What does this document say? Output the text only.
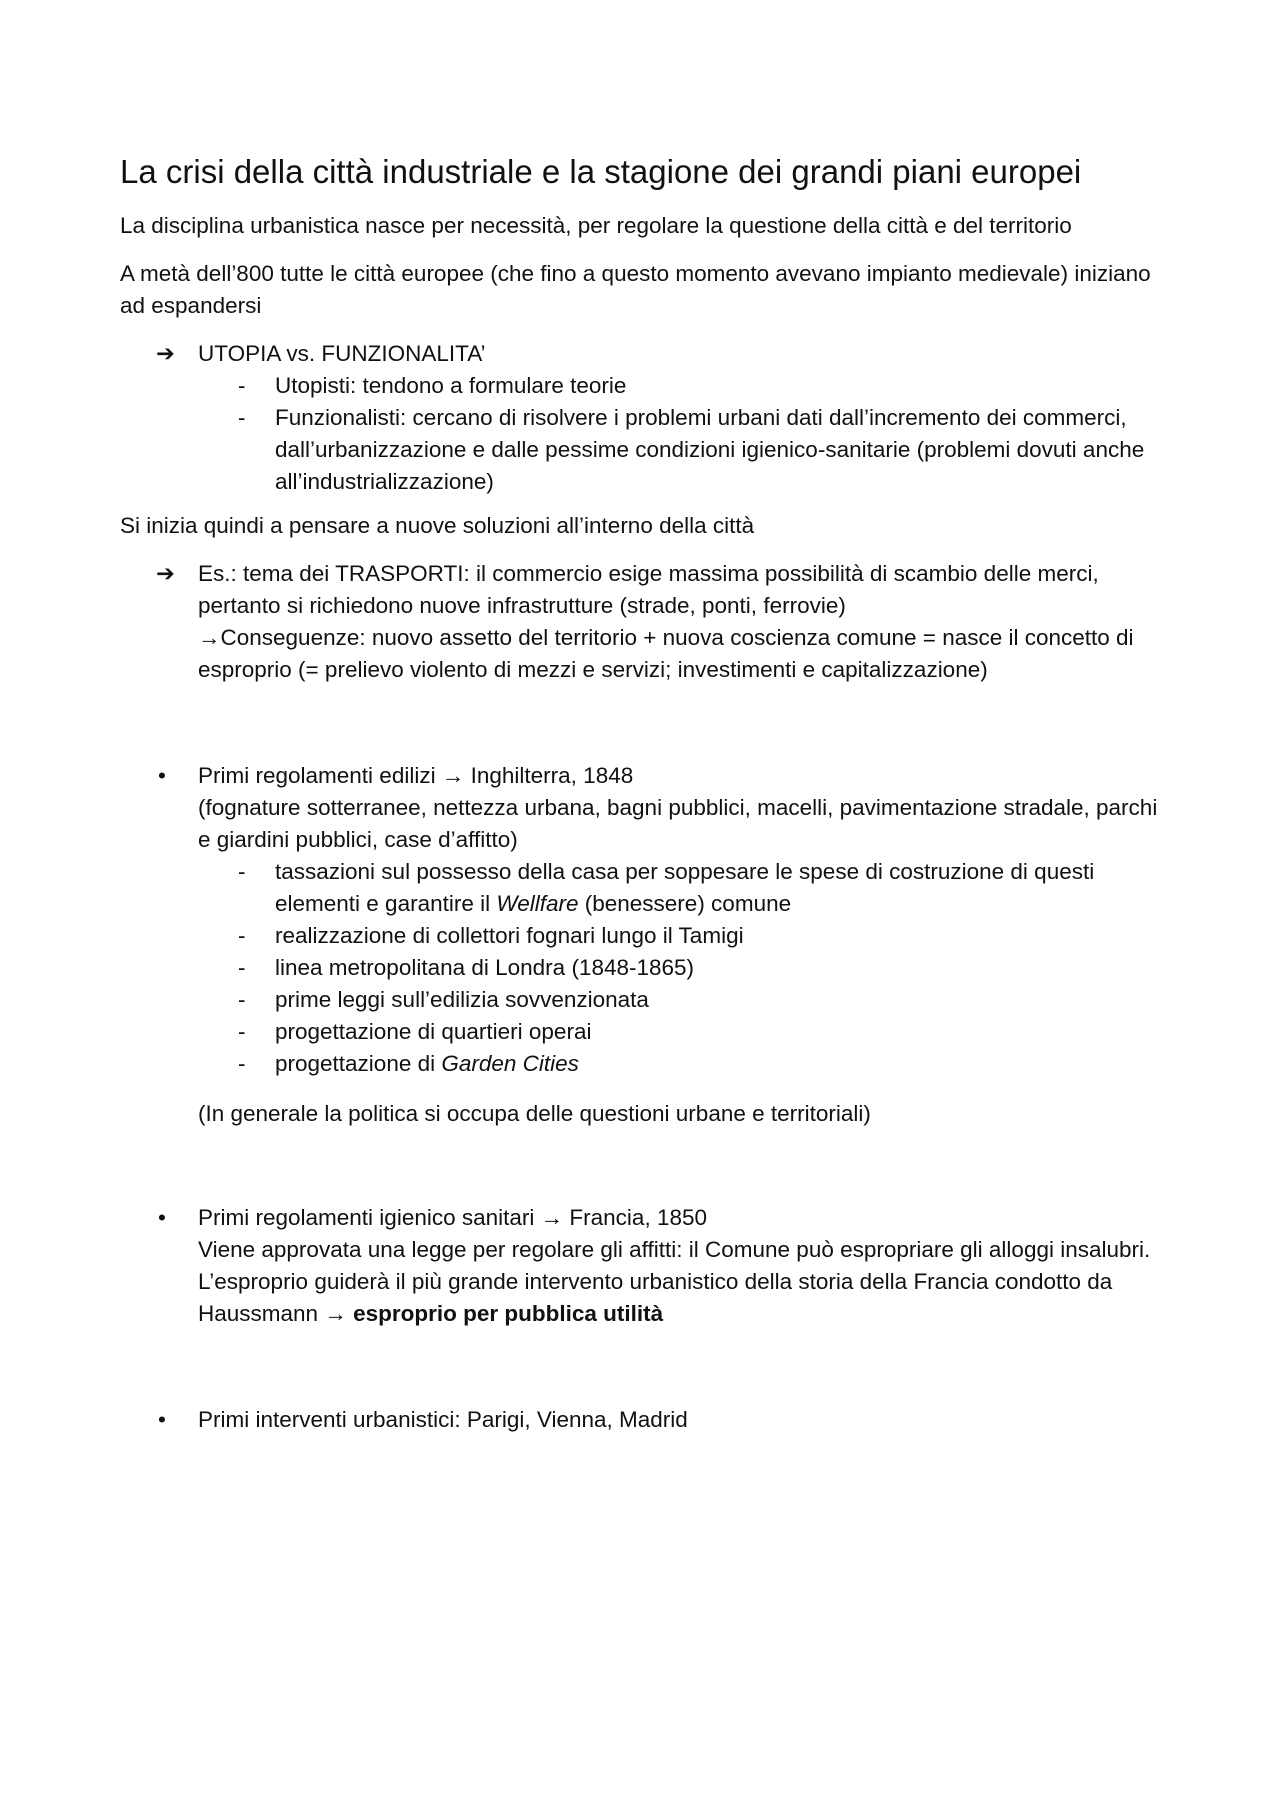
La crisi della città industriale e la stagione dei grandi piani europei

La disciplina urbanistica nasce per necessità, per regolare la questione della città e del territorio

A metà dell’800 tutte le città europee (che fino a questo momento avevano impianto medievale) iniziano ad espandersi

➔ UTOPIA vs. FUNZIONALITA’
- Utopisti: tendono a formulare teorie
- Funzionalisti: cercano di risolvere i problemi urbani dati dall’incremento dei commerci, dall’urbanizzazione e dalle pessime condizioni igienico-sanitarie (problemi dovuti anche all’industrializzazione)

Si inizia quindi a pensare a nuove soluzioni all’interno della città

➔ Es.: tema dei TRASPORTI: il commercio esige massima possibilità di scambio delle merci, pertanto si richiedono nuove infrastrutture (strade, ponti, ferrovie)
→Conseguenze: nuovo assetto del territorio + nuova coscienza comune = nasce il concetto di esproprio (= prelievo violento di mezzi e servizi; investimenti e capitalizzazione)
• Primi regolamenti edilizi → Inghilterra, 1848
(fognature sotterranee, nettezza urbana, bagni pubblici, macelli, pavimentazione stradale, parchi e giardini pubblici, case d’affitto)
- tassazioni sul possesso della casa per soppesare le spese di costruzione di questi elementi e garantire il Wellfare (benessere) comune
- realizzazione di collettori fognari lungo il Tamigi
- linea metropolitana di Londra (1848-1865)
- prime leggi sull’edilizia sovvenzionata
- progettazione di quartieri operai
- progettazione di Garden Cities

(In generale la politica si occupa delle questioni urbane e territoriali)

• Primi regolamenti igienico sanitari → Francia, 1850
Viene approvata una legge per regolare gli affitti: il Comune può espropriare gli alloggi insalubri. L’esproprio guiderà il più grande intervento urbanistico della storia della Francia condotto da Haussmann → esproprio per pubblica utilità
• Primi interventi urbanistici: Parigi, Vienna, Madrid
